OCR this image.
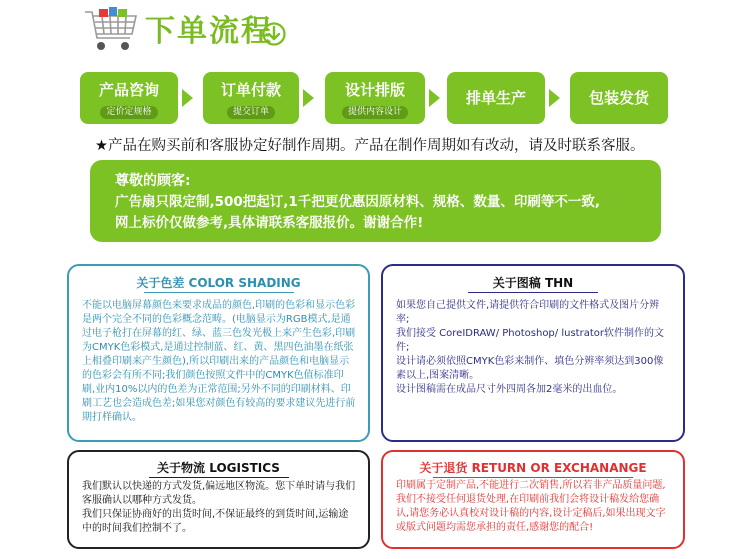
下单流程
产品咨询
定价定规格
订单付款
提交订单
设计排版
提供内容设计
排单生产	包装发货
★产品在购买前和客服协定好制作周期。产品在制作周期如有改动，请及时联系客服。
尊敬的顾客:
广告扇只限定制,500把起订,1千把更优惠因原材料、规格、数量、印刷等不一致,
网上标价仅做参考,具体请联系客服报价。谢谢合作!
关于色差 COLOR SHADING
不能以电脑屏幕颜色来要求成品的颜色,印刷的色彩和显示色彩是两个完全不同的色彩概念范畴。(电脑显示为RGB模式,是通过电子枪打在屏幕的红、绿、蓝三色发光极上来产生色彩,印刷为CMYK色彩模式,是通过控制蓝、红、黄、黑四色油墨在纸张上相叠印刷来产生颜色),所以印刷出来的产品颜色和电脑显示的色彩会有所不同;我们颜色按照文件中的CMYK色值标准印刷,业内10%以内的色差为正常范围;另外不同的印刷材料、印刷工艺也会造成色差;如果您对颜色有较高的要求建议先进行前期打样确认。
关于图稿 THN
如果您自己提供文件,请提供符合印刷的文件格式及图片分辨率;
我们接受 CoreIDRAW/ Photoshop/ lustrator软件制作的文件;
设计请必须依照CMYK色彩来制作、填色分辨率须达到300像素以上,图案清晰。
设计图稿需在成品尺寸外四周各加2毫米的出血位。
关于物流 LOGISTICS
我们默认以快递的方式发货,偏远地区物流。您下单时请与我们客服确认以哪种方式发货。
我们只保证协商好的出货时间,不保证最终的到货时间,运输途中的时间我们控制不了。
关于退货 RETURN OR EXCHANANGE
印刷属于定制产品,不能进行二次销售,所以若非产品质量问题,我们不接受任何退货处理,在印刷前我们会将设计稿发给您确认,请您务必认真校对设计稿的内容,设计定稿后,如果出现文字或版式问题均需您承担的责任,感谢您的配合!
